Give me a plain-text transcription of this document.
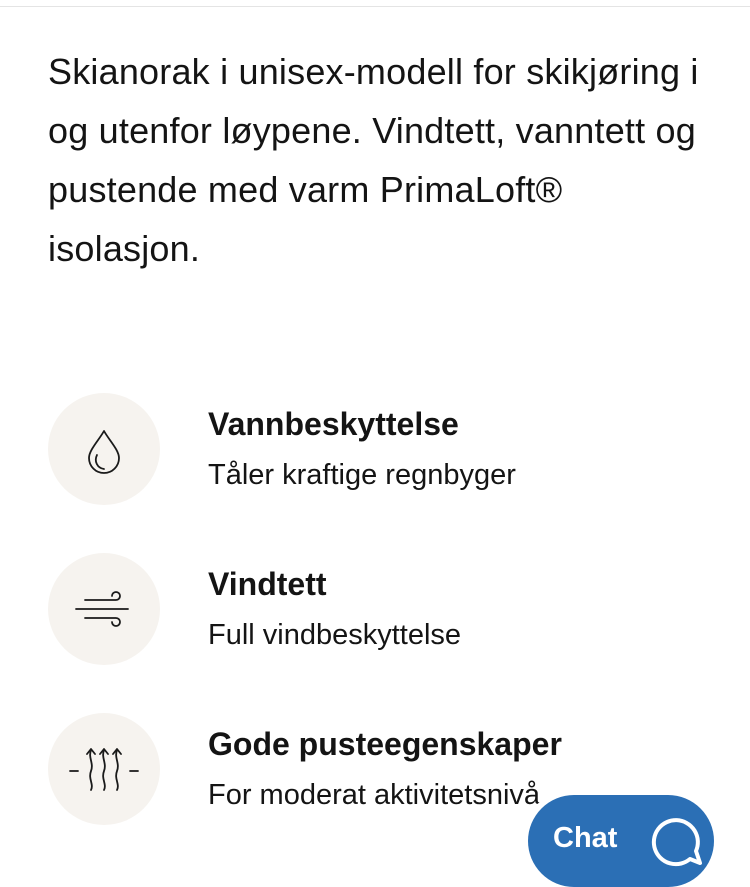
Skianorak i unisex-modell for skikjøring i og utenfor løypene. Vindtett, vanntett og pustende med varm PrimaLoft® isolasjon.

Vannbeskyttelse
Tåler kraftige regnbyger
Vindtett
Full vindbeskyttelse
Gode pusteegenskaper
For moderat aktivitetsnivå
Chat
